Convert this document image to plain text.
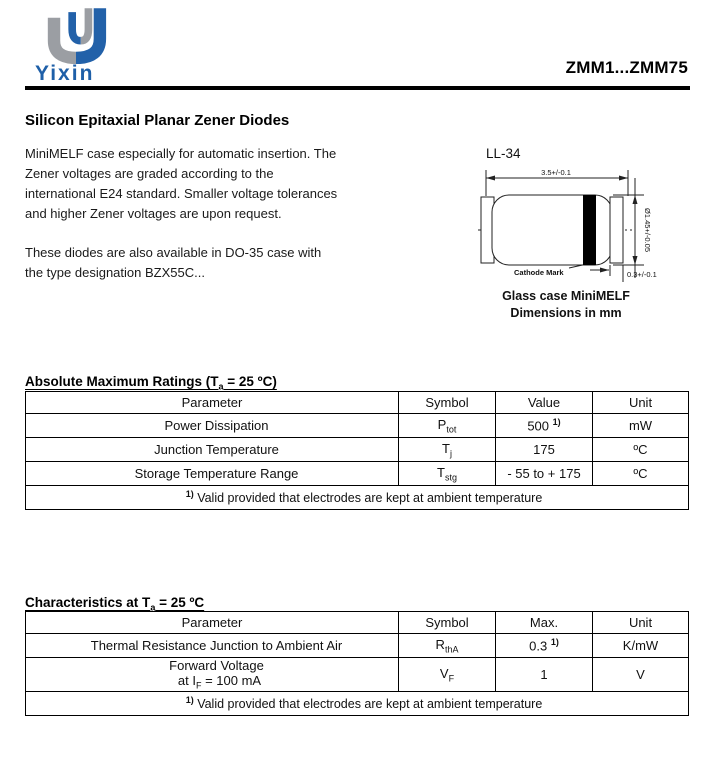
Yixin	ZMM1...ZMM75
Silicon Epitaxial Planar Zener Diodes
MiniMELF case especially for automatic insertion. The
Zener voltages are graded according to the
international E24 standard. Smaller voltage tolerances
and higher Zener voltages are upon request.
These diodes are also available in DO-35 case with
the type designation BZX55C...
LL-34
3.5+/-0.1
Ø1.45+/-0.05
0.3+/-0.1
Cathode Mark
Glass case MiniMELF
Dimensions in mm
Absolute Maximum Ratings ($T_a = 25$ ºC)
Parameter	Symbol	Value	Unit
Power Dissipation	$P_{tot}$	500 $^{1)}$	mW
Junction Temperature	$T_j$	175	ºC
Storage Temperature Range	$T_{stg}$	- 55 to + 175	ºC
$^{1)}$ Valid provided that electrodes are kept at ambient temperature			
Characteristics at $T_a = 25$ ºC
Parameter	Symbol	Max.	Unit
Thermal Resistance Junction to Ambient Air	$R_{thA}$	0.3 $^{1)}$	K/mW

Forward Voltage
at $I_F = 100$ mA	$V_F$	1	V
$^{1)}$ Valid provided that electrodes are kept at ambient temperature			
